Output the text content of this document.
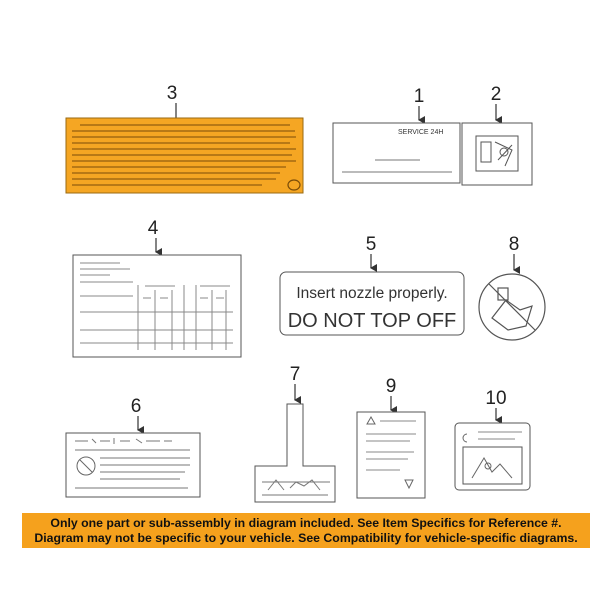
3	1
SERVICE 24H
2
4
5
Insert nozzle properly.
DO NOT TOP OFF
8
6
7
9
10
Only one part or sub-assembly in diagram included. See Item Specifics for Reference #.
Diagram may not be specific to your vehicle. See Compatibility for vehicle-specific diagrams.
